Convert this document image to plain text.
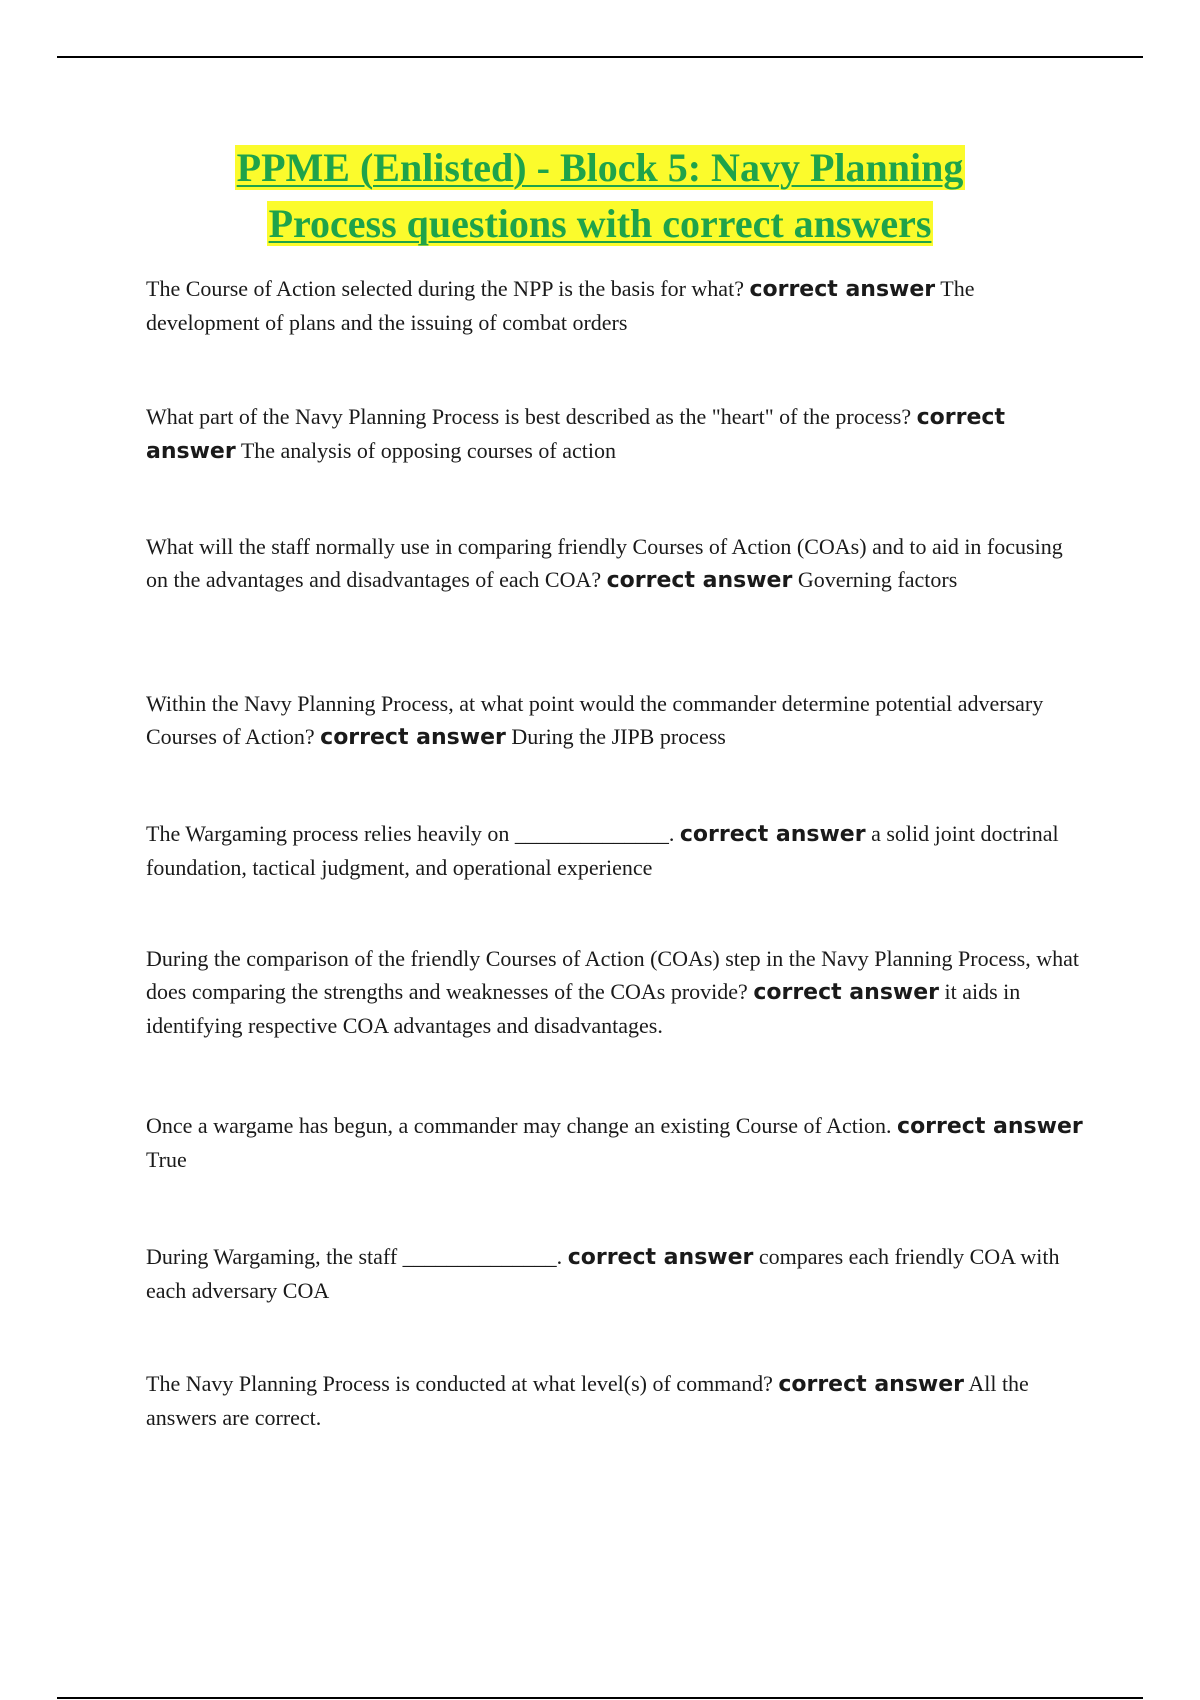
PPME (Enlisted) - Block 5: Navy Planning
Process questions with correct answers

The Course of Action selected during the NPP is the basis for what? correct answer The development of plans and the issuing of combat orders

What part of the Navy Planning Process is best described as the "heart" of the process? correct answer The analysis of opposing courses of action

What will the staff normally use in comparing friendly Courses of Action (COAs) and to aid in focusing on the advantages and disadvantages of each COA? correct answer Governing factors

Within the Navy Planning Process, at what point would the commander determine potential adversary Courses of Action? correct answer During the JIPB process

The Wargaming process relies heavily on ______________. correct answer a solid joint doctrinal foundation, tactical judgment, and operational experience

During the comparison of the friendly Courses of Action (COAs) step in the Navy Planning Process, what does comparing the strengths and weaknesses of the COAs provide? correct answer it aids in identifying respective COA advantages and disadvantages.

Once a wargame has begun, a commander may change an existing Course of Action. correct answer True

During Wargaming, the staff ______________. correct answer compares each friendly COA with each adversary COA

The Navy Planning Process is conducted at what level(s) of command? correct answer All the answers are correct.
